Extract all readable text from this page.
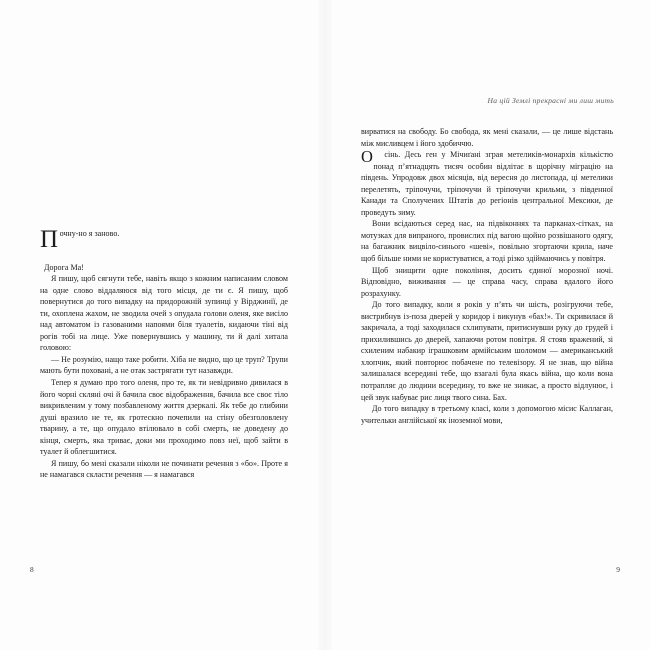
Почну-но я заново.

Дорога Ма!

Я пишу, щоб сягнути тебе, навіть якщо з кожним написаним словом на одне слово віддаляюся від того місця, де ти є. Я пишу, щоб повернутися до того випадку на придорожній зупинці у Вірджинії, де ти, охоплена жахом, не зводила очей з опудала голови оленя, яке висіло над автоматом із газованими напоями біля туалетів, кидаючи тіні від рогів тобі на лице. Уже повернувшись у машину, ти й далі хитала головою:

— Не розумію, нащо таке робити. Хіба не видно, що це труп? Трупи мають бути поховані, а не отак застрягати тут назавжди.

Тепер я думаю про того оленя, про те, як ти невідривно дивилася в його чорні скляні очі й бачила своє відображення, бачила все своє тіло викривленим у тому позбавленому життя дзеркалі. Як тебе до глибини душі вразило не те, як гротескно почепили на стіну обезголовлену тварину, а те, що опудало втілювало в собі смерть, не доведену до кінця, смерть, яка триває, доки ми проходимо повз неї, щоб зайти в туалет й облегшитися.

Я пишу, бо мені сказали ніколи не починати речення з «бо». Проте я не намагався скласти речення — я намагався

8
На цій Землі прекрасні ми лиш мить

вирватися на свободу. Бо свобода, як мені сказали, — це лише відстань між мисливцем і його здобиччю.

О сінь. Десь ген у Мічиґані зграя метеликів-монархів кількістю понад п’ятнадцять тисяч особин відлітає в щорічну міграцію на південь. Упродовж двох місяців, від вересня до листопада, ці метелики перелетять, тріпочучи, тріпочучи й тріпочучи крильми, з південної Канади та Сполучених Штатів до регіонів центральної Мексики, де проведуть зиму.

Вони всідаються серед нас, на підвіконнях та парканах-сітках, на мотузках для випраного, провислих під вагою щойно розвішаного одягу, на багажник вицвіло-синього «шеві», повільно згортаючи крила, наче щоб більше ними не користуватися, а тоді різко здіймаючись у повітря.

Щоб знищити одне покоління, досить єдиної морозної ночі. Відповідно, виживання — це справа часу, справа вдалого його розрахунку.

До того випадку, коли я років у п’ять чи шість, розігруючи тебе, вистрибнув із-поза дверей у коридор і викунув «бах!». Ти скривилася й закричала, а тоді заходилася схлипувати, притиснувши руку до грудей і прихилившись до дверей, хапаючи ротом повітря. Я стояв вражений, зі схиленим набакир іграшковим армійським шоломом — американський хлопчик, який повторює побачене по телевізору. Я не знав, що війна залишалася всередині тебе, що взагалі була якась війна, що коли вона потрапляє до людини всередину, то вже не зникає, а просто відлунює, і цей звук набуває рис лиця твого сина. Бах.

До того випадку в третьому класі, коли з допомогою місис Каллаган, учительки англійської як іноземної мови,

9
